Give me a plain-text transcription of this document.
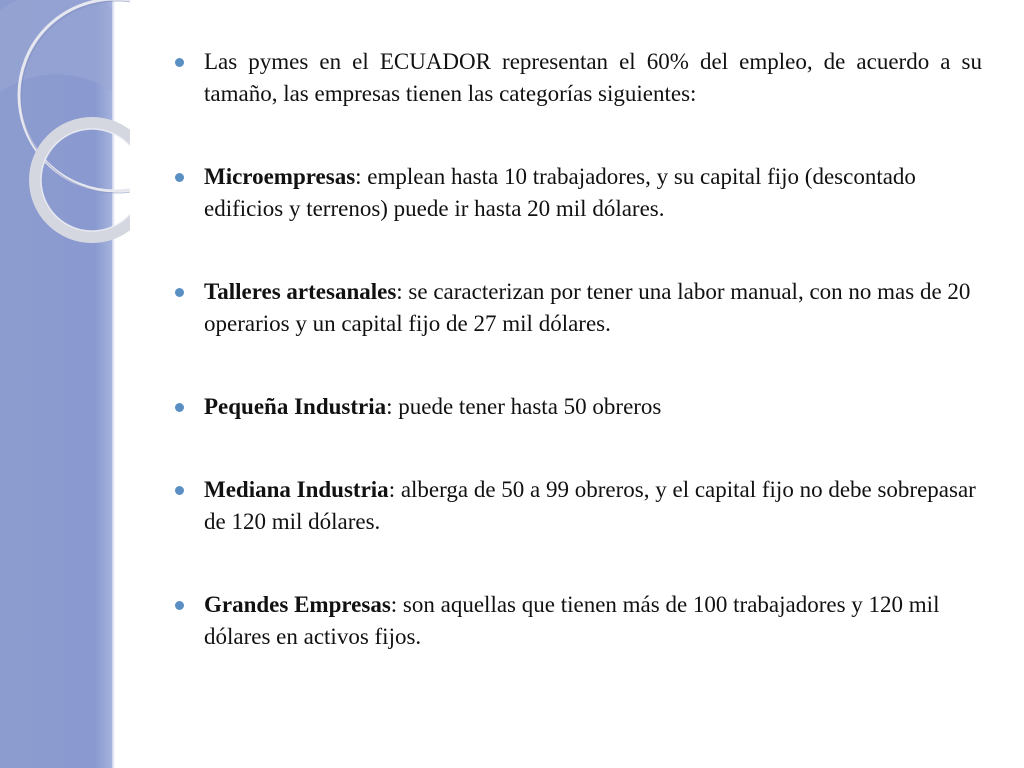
Las pymes en el ECUADOR representan el 60% del empleo, de acuerdo a su tamaño, las empresas tienen las categorías siguientes:
Microempresas: emplean hasta 10 trabajadores, y su capital fijo (descontado edificios y terrenos) puede ir hasta 20 mil dólares.
Talleres artesanales: se caracterizan por tener una labor manual, con no mas de 20 operarios y un capital fijo de 27 mil dólares.
Pequeña Industria: puede tener hasta 50 obreros
Mediana Industria: alberga de 50 a 99 obreros, y el capital fijo no debe sobrepasar de 120 mil dólares.
Grandes Empresas: son aquellas que tienen más de 100 trabajadores y 120 mil dólares en activos fijos.
